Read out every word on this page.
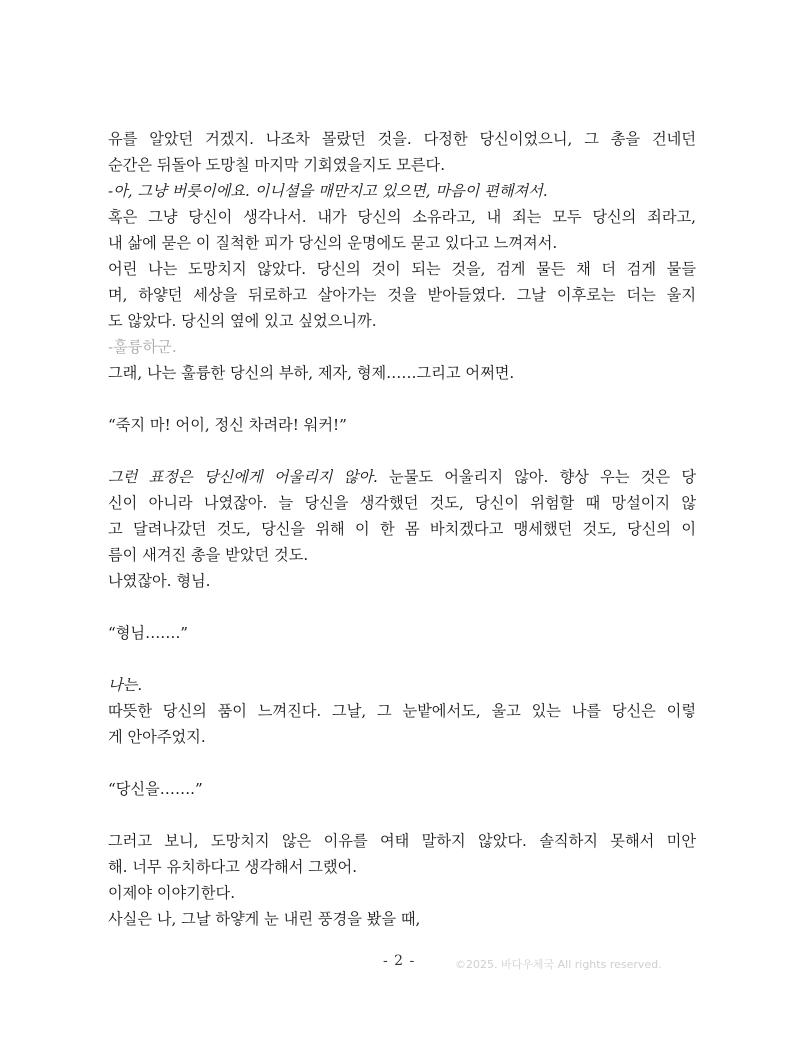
유를 알았던 거겠지. 나조차 몰랐던 것을. 다정한 당신이었으니, 그 총을 건네던
순간은 뒤돌아 도망칠 마지막 기회였을지도 모른다.
-아, 그냥 버릇이에요. 이니셜을 매만지고 있으면, 마음이 편해져서.
혹은 그냥 당신이 생각나서. 내가 당신의 소유라고, 내 죄는 모두 당신의 죄라고,
내 삶에 묻은 이 질척한 피가 당신의 운명에도 묻고 있다고 느껴져서.
어린 나는 도망치지 않았다. 당신의 것이 되는 것을, 검게 물든 채 더 검게 물들
며, 하얗던 세상을 뒤로하고 살아가는 것을 받아들였다. 그날 이후로는 더는 울지
도 않았다. 당신의 옆에 있고 싶었으니까.
-훌륭하군.
그래, 나는 훌륭한 당신의 부하, 제자, 형제……그리고 어쩌면.
“죽지 마! 어이, 정신 차려라! 워커!”
그런 표정은 당신에게 어울리지 않아. 눈물도 어울리지 않아. 향상 우는 것은 당
신이 아니라 나였잖아. 늘 당신을 생각했던 것도, 당신이 위험할 때 망설이지 않
고 달려나갔던 것도, 당신을 위해 이 한 몸 바치겠다고 맹세했던 것도, 당신의 이
름이 새겨진 총을 받았던 것도.
나였잖아. 형님.
“형님…….”
나는.
따뜻한 당신의 품이 느껴진다. 그날, 그 눈밭에서도, 울고 있는 나를 당신은 이렇
게 안아주었지.
“당신을…….”
그러고 보니, 도망치지 않은 이유를 여태 말하지 않았다. 솔직하지 못해서 미안
해. 너무 유치하다고 생각해서 그랬어.
이제야 이야기한다.
사실은 나, 그날 하얗게 눈 내린 풍경을 봤을 때,
- 2 -	©2025. 바다우체국 All rights reserved.
